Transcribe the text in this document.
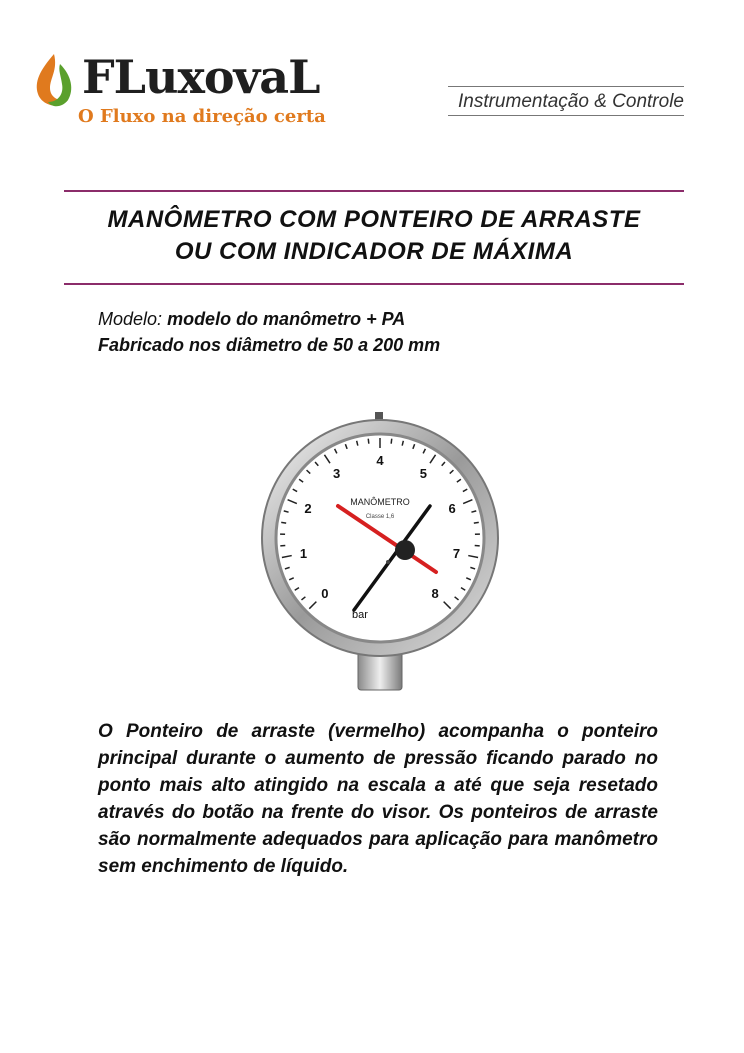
FLuxovaL
O Fluxo na direção certa
Instrumentação & Controle
MANÔMETRO COM PONTEIRO DE ARRASTE
OU COM INDICADOR DE MÁXIMA
Modelo: modelo do manômetro + PA
Fabricado nos diâmetro de 50 a 200 mm
0
1
2
3
4
5
6
7
8
MANÔMETRO
Classe 1,6
bar
O Ponteiro de arraste (vermelho) acompanha o ponteiro principal durante o aumento de pressão ficando parado no ponto mais alto atingido na escala a até que seja resetado através do botão na frente do visor. Os ponteiros de arraste são normalmente adequados para aplicação para manômetro sem enchimento de líquido.
